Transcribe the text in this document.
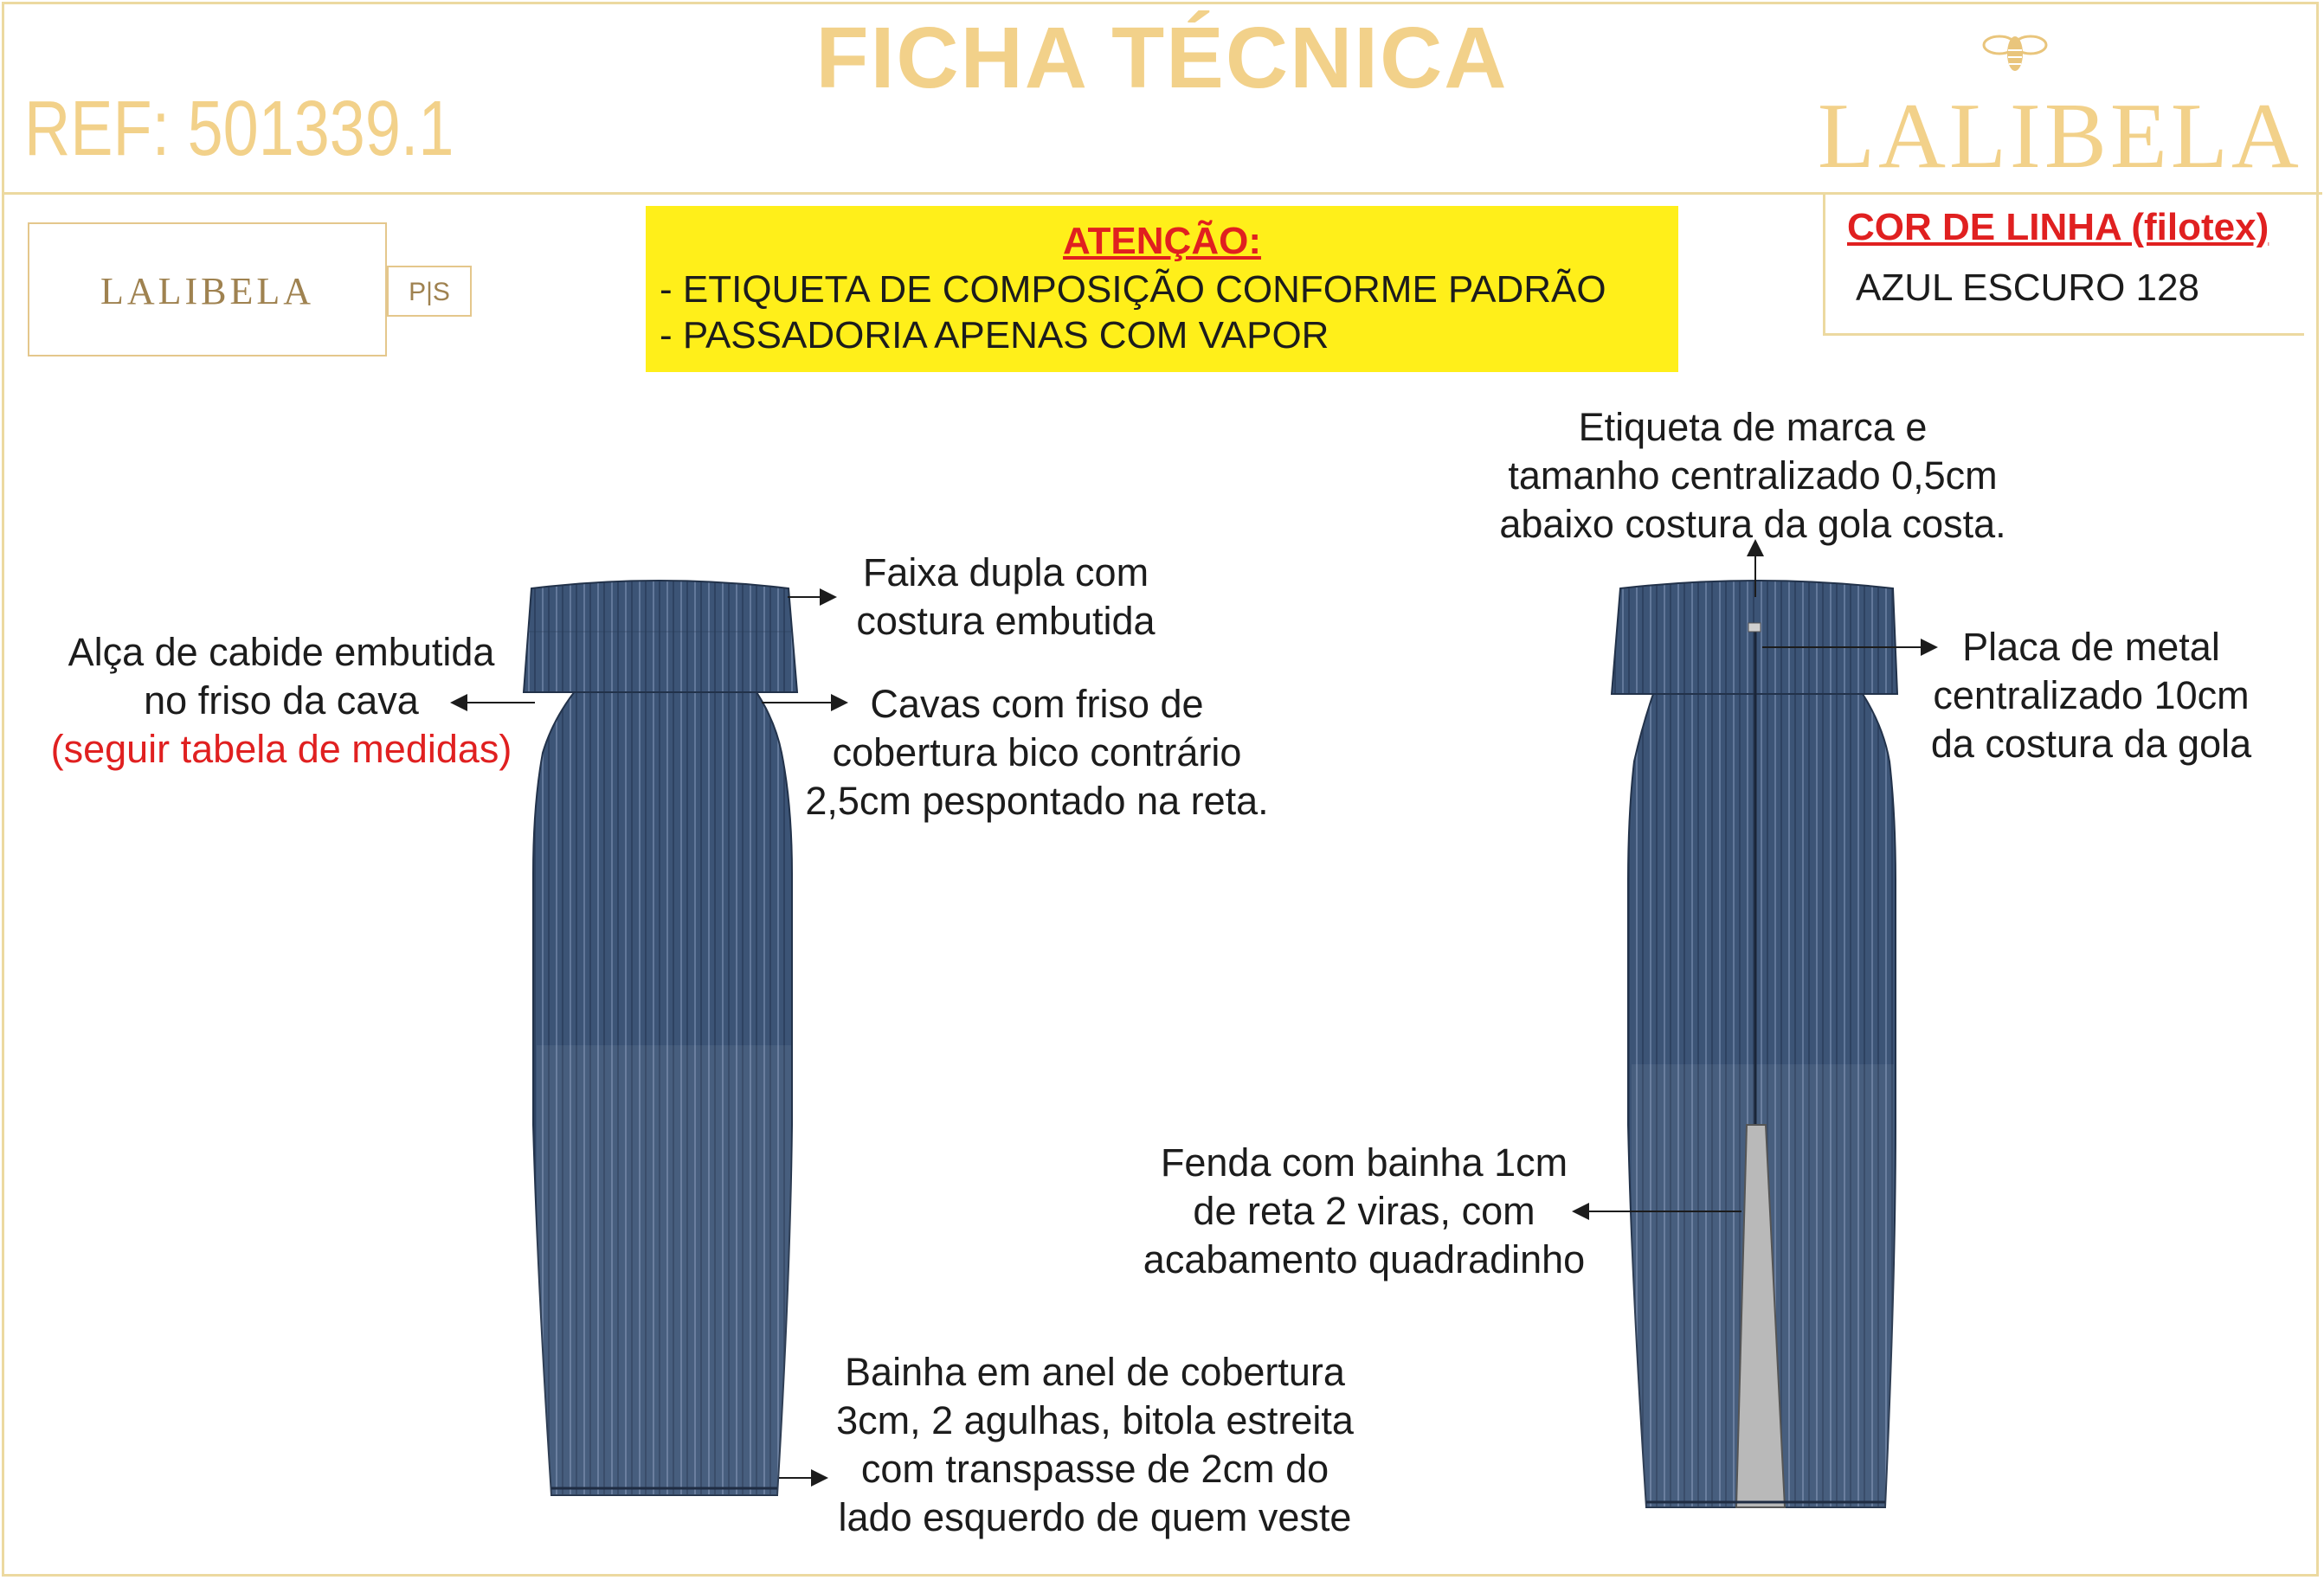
FICHA TÉCNICA
REF: 501339.1	LALIBELA
LALIBELA	P|S
ATENÇÃO:
- ETIQUETA DE COMPOSIÇÃO CONFORME PADRÃO
- PASSADORIA APENAS COM VAPOR
COR DE LINHA (filotex)
AZUL ESCURO 128
Alça de cabide embutida
no friso da cava
(seguir tabela de medidas)
Faixa dupla com
costura embutida
Cavas com friso de
cobertura bico contrário
2,5cm pespontado na reta.
Bainha em anel de cobertura
3cm, 2 agulhas, bitola estreita
com transpasse de 2cm do
lado esquerdo de quem veste
Etiqueta de marca e
tamanho centralizado 0,5cm
abaixo costura da gola costa.
Placa de metal
centralizado 10cm
da costura da gola
Fenda com bainha 1cm
de reta 2 viras, com
acabamento quadradinho
